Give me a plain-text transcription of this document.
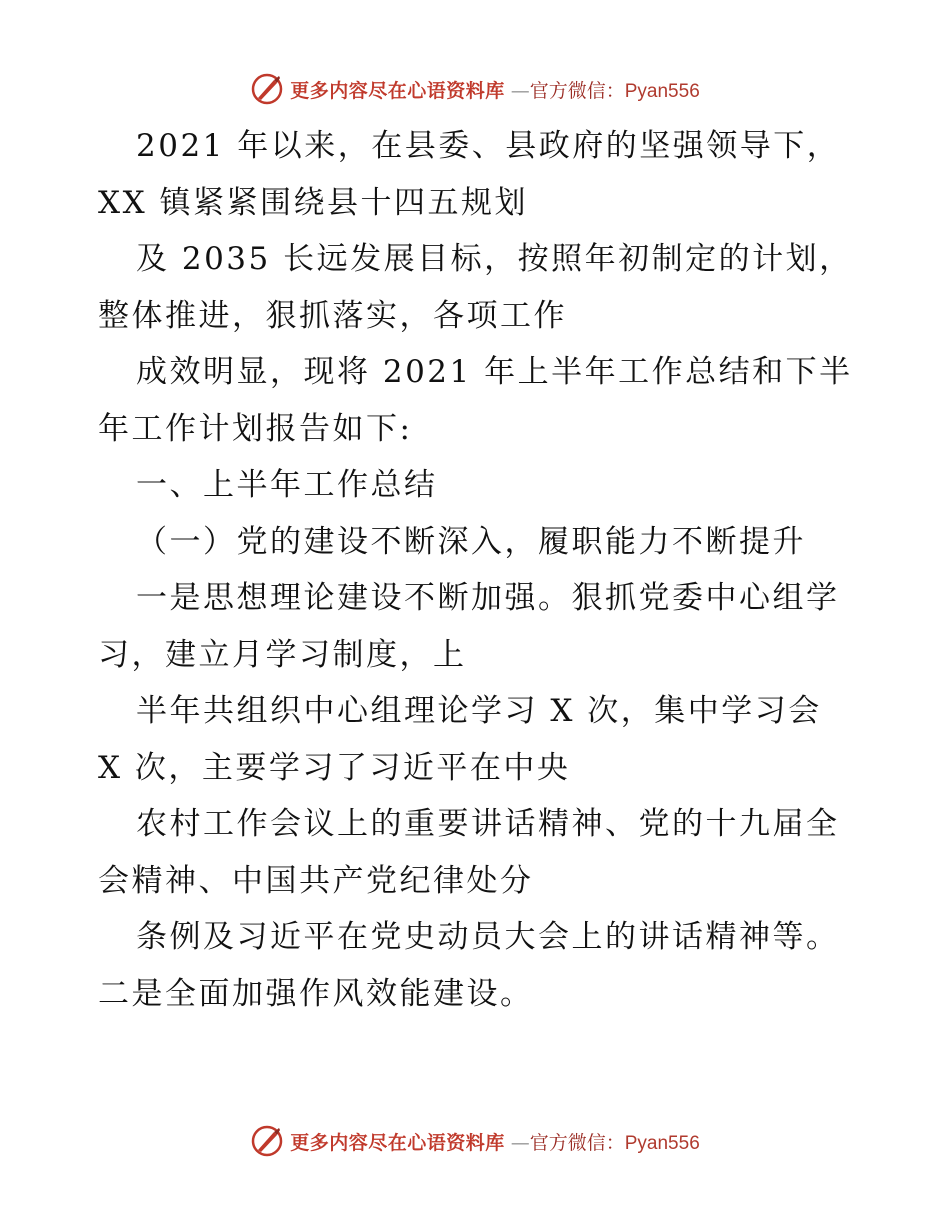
更多内容尽在心语资料库 —官方微信：Pyan556
2021 年以来，在县委、县政府的坚强领导下，
XX 镇紧紧围绕县十四五规划
及 2035 长远发展目标，按照年初制定的计划，
整体推进，狠抓落实，各项工作
成效明显，现将 2021 年上半年工作总结和下半
年工作计划报告如下:
一、上半年工作总结
（一）党的建设不断深入，履职能力不断提升
一是思想理论建设不断加强。狠抓党委中心组学
习，建立月学习制度，上
半年共组织中心组理论学习 X 次，集中学习会
X 次，主要学习了习近平在中央
农村工作会议上的重要讲话精神、党的十九届全
会精神、中国共产党纪律处分
条例及习近平在党史动员大会上的讲话精神等。
二是全面加强作风效能建设。
更多内容尽在心语资料库 —官方微信：Pyan556
